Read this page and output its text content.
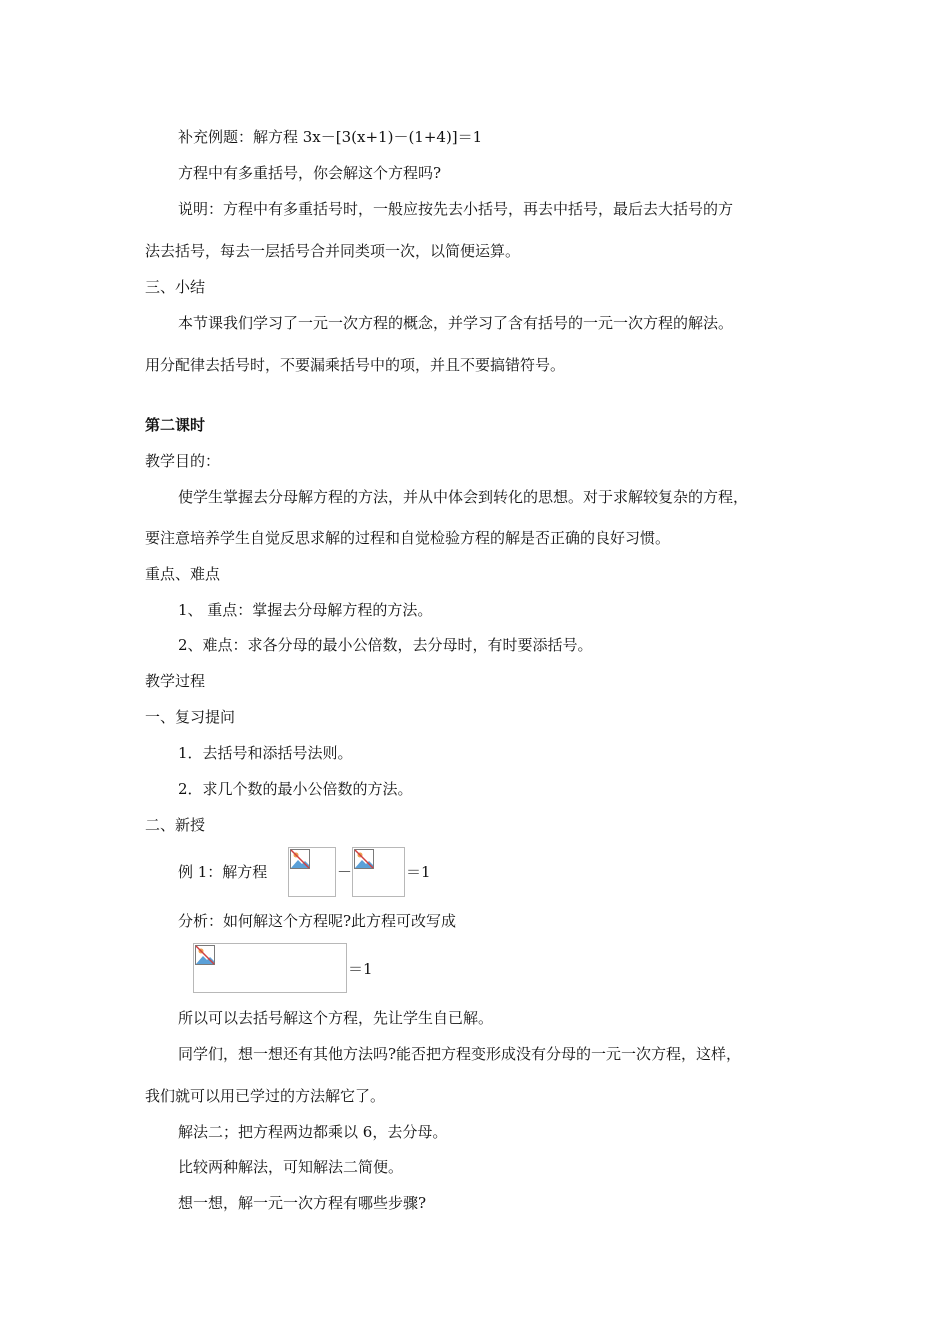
补充例题：解方程 3x－[3(x+1)－(1+4)]＝1
方程中有多重括号，你会解这个方程吗?
说明：方程中有多重括号时，一般应按先去小括号，再去中括号，最后去大括号的方
法去括号，每去一层括号合并同类项一次，以简便运算。
三、小结
本节课我们学习了一元一次方程的概念，并学习了含有括号的一元一次方程的解法。
用分配律去括号时，不要漏乘括号中的项，并且不要搞错符号。
第二课时
教学目的：
使学生掌握去分母解方程的方法，并从中体会到转化的思想。对于求解较复杂的方程，
要注意培养学生自觉反思求解的过程和自觉检验方程的解是否正确的良好习惯。
重点、难点
1、 重点：掌握去分母解方程的方法。
2、难点：求各分母的最小公倍数，去分母时，有时要添括号。
教学过程
一、复习提问
1．去括号和添括号法则。
2．求几个数的最小公倍数的方法。
二、新授
例 1：解方程	－	＝1
分析：如何解这个方程呢?此方程可改写成
＝1
所以可以去括号解这个方程，先让学生自已解。
同学们，想一想还有其他方法吗?能否把方程变形成没有分母的一元一次方程，这样，
我们就可以用已学过的方法解它了。
解法二；把方程两边都乘以 6，去分母。
比较两种解法，可知解法二简便。
想一想，解一元一次方程有哪些步骤?
